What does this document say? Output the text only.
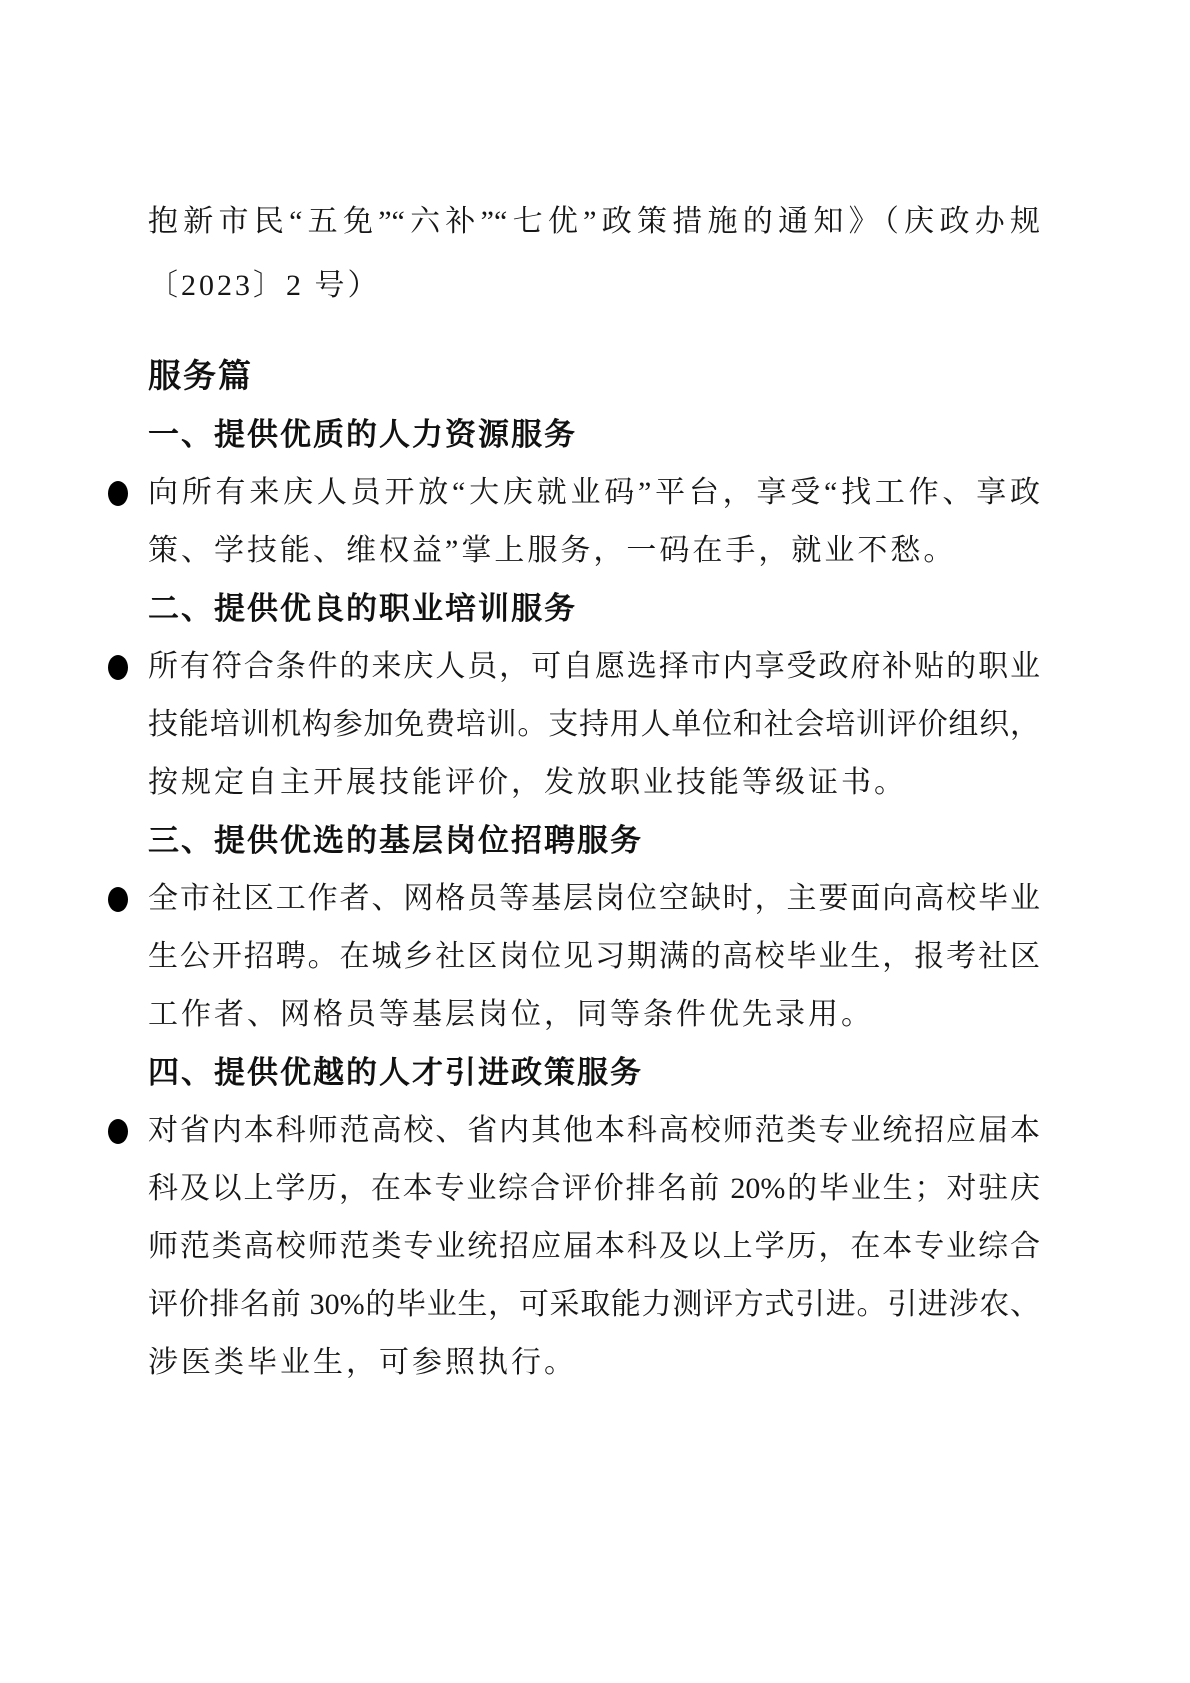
抱新市民“五免”“六补”“七优”政策措施的通知》（庆政办规
〔2023〕2 号）
服务篇
一、提供优质的人力资源服务
向所有来庆人员开放“大庆就业码”平台，享受“找工作、享政
策、学技能、维权益”掌上服务，一码在手，就业不愁。
二、提供优良的职业培训服务
所有符合条件的来庆人员，可自愿选择市内享受政府补贴的职业
技能培训机构参加免费培训。支持用人单位和社会培训评价组织，
按规定自主开展技能评价，发放职业技能等级证书。
三、提供优选的基层岗位招聘服务
全市社区工作者、网格员等基层岗位空缺时，主要面向高校毕业
生公开招聘。在城乡社区岗位见习期满的高校毕业生，报考社区
工作者、网格员等基层岗位，同等条件优先录用。
四、提供优越的人才引进政策服务
对省内本科师范高校、省内其他本科高校师范类专业统招应届本
科及以上学历，在本专业综合评价排名前 20%的毕业生；对驻庆
师范类高校师范类专业统招应届本科及以上学历，在本专业综合
评价排名前 30%的毕业生，可采取能力测评方式引进。引进涉农、
涉医类毕业生，可参照执行。
